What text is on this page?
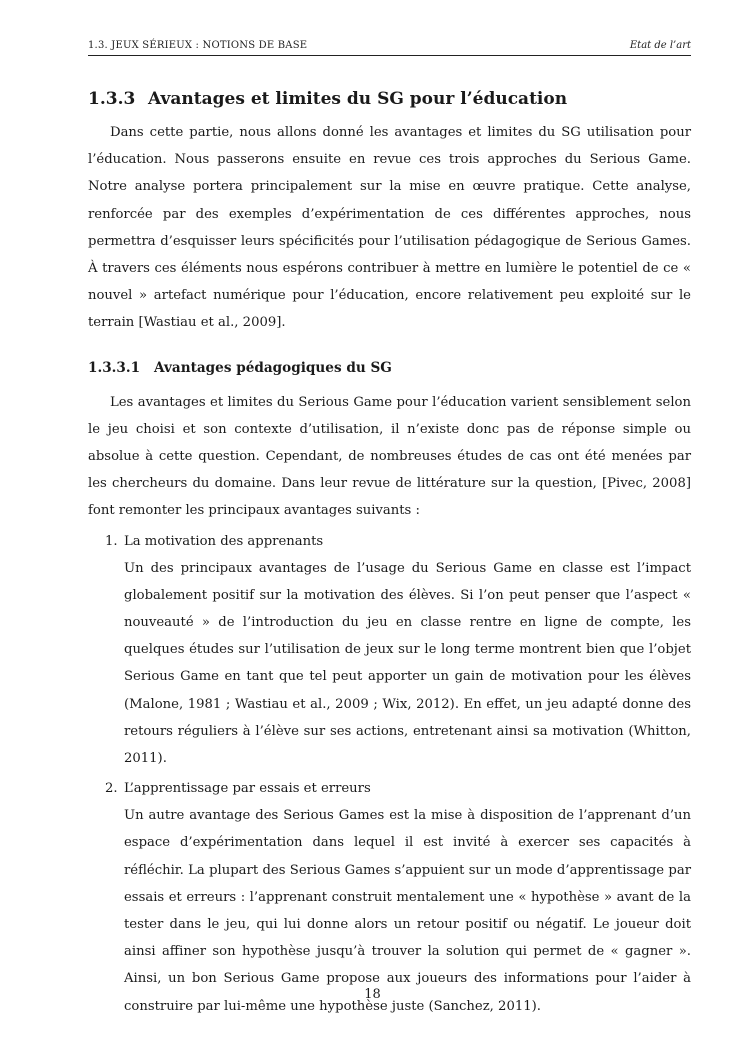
1.3. JEUX SÉRIEUX : NOTIONS DE BASE	Etat de l’art
1.3.3 Avantages et limites du SG pour l’éducation

Dans cette partie, nous allons donné les avantages et limites du SG utilisation pour l’éducation. Nous passerons ensuite en revue ces trois approches du Serious Game. Notre analyse portera principalement sur la mise en œuvre pratique. Cette analyse, renforcée par des exemples d’expérimentation de ces différentes approches, nous permettra d’esquisser leurs spécificités pour l’utilisation pédagogique de Serious Games. À travers ces éléments nous espérons contribuer à mettre en lumière le potentiel de ce « nouvel » artefact numérique pour l’éducation, encore relativement peu exploité sur le terrain [Wastiau et al., 2009].

1.3.3.1	Avantages pédagogiques du SG

Les avantages et limites du Serious Game pour l’éducation varient sensiblement selon le jeu choisi et son contexte d’utilisation, il n’existe donc pas de réponse simple ou absolue à cette question. Cependant, de nombreuses études de cas ont été menées par les chercheurs du domaine. Dans leur revue de littérature sur la question, [Pivec, 2008] font remonter les principaux avantages suivants :

1. La motivation des apprenants

Un des principaux avantages de l’usage du Serious Game en classe est l’impact globalement positif sur la motivation des élèves. Si l’on peut penser que l’aspect « nouveauté » de l’introduction du jeu en classe rentre en ligne de compte, les quelques études sur l’utilisation de jeux sur le long terme montrent bien que l’objet Serious Game en tant que tel peut apporter un gain de motivation pour les élèves (Malone, 1981 ; Wastiau et al., 2009 ; Wix, 2012). En effet, un jeu adapté donne des retours réguliers à l’élève sur ses actions, entretenant ainsi sa motivation (Whitton, 2011).

2. L’apprentissage par essais et erreurs

Un autre avantage des Serious Games est la mise à disposition de l’apprenant d’un espace d’expérimentation dans lequel il est invité à exercer ses capacités à réfléchir. La plupart des Serious Games s’appuient sur un mode d’apprentissage par essais et erreurs : l’apprenant construit mentalement une « hypothèse » avant de la tester dans le jeu, qui lui donne alors un retour positif ou négatif. Le joueur doit ainsi affiner son hypothèse jusqu’à trouver la solution qui permet de « gagner ». Ainsi, un bon Serious Game propose aux joueurs des informations pour l’aider à construire par lui-même une hypothèse juste (Sanchez, 2011).

18
